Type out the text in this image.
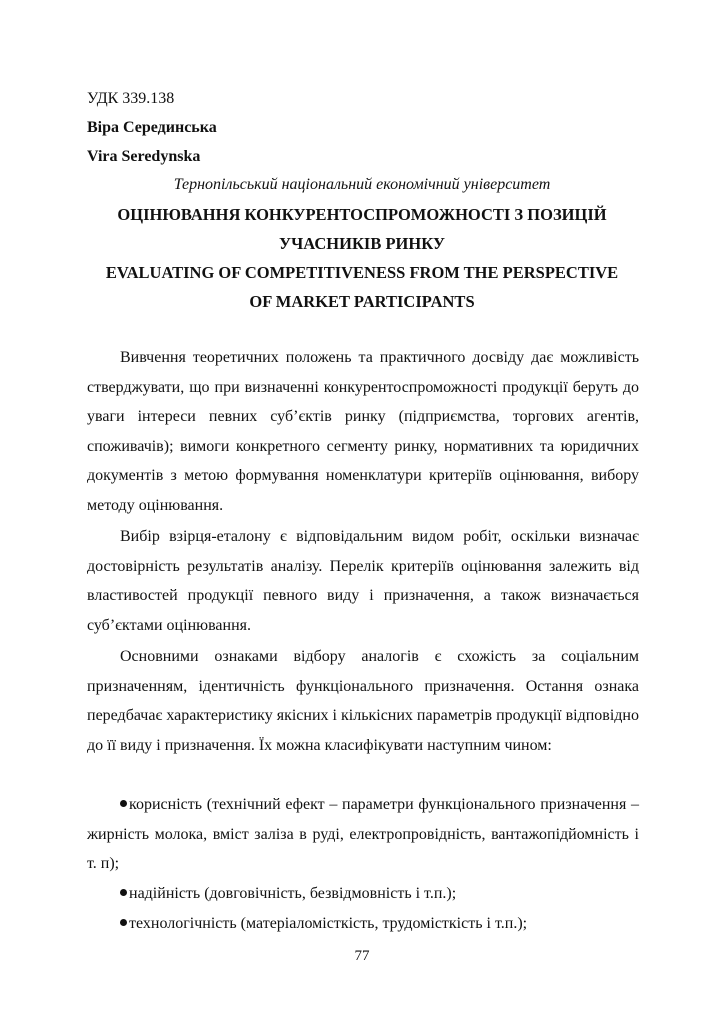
УДК 339.138
Віра Серединська
Vira Seredynska
Тернопільський національний економічний університет
ОЦІНЮВАННЯ КОНКУРЕНТОСПРОМОЖНОСТІ З ПОЗИЦІЙ
УЧАСНИКІВ РИНКУ
EVALUATING OF COMPETITIVENESS FROM THE PERSPECTIVE
OF MARKET PARTICIPANTS

Вивчення теоретичних положень та практичного досвіду дає можливість стверджувати, що при визначенні конкурентоспроможності продукції беруть до уваги інтереси певних суб’єктів ринку (підприємства, торгових агентів, споживачів); вимоги конкретного сегменту ринку, нормативних та юридичних документів з метою формування номенклатури критеріїв оцінювання, вибору методу оцінювання.

Вибір взірця-еталону є відповідальним видом робіт, оскільки визначає достовірність результатів аналізу. Перелік критеріїв оцінювання залежить від властивостей продукції певного виду і призначення, а також визначається суб’єктами оцінювання.

Основними ознаками відбору аналогів є схожість за соціальним призначенням, ідентичність функціонального призначення. Остання ознака передбачає характеристику якісних і кількісних параметрів продукції відповідно до її виду і призначення. Їх можна класифікувати наступним чином:

корисність (технічний ефект – параметри функціонального призначення – жирність молока, вміст заліза в руді, електропровідність, вантажопідйомність і т. п);

надійність (довговічність, безвідмовність і т.п.);

технологічність (матеріаломісткість, трудомісткість і т.п.);

77
